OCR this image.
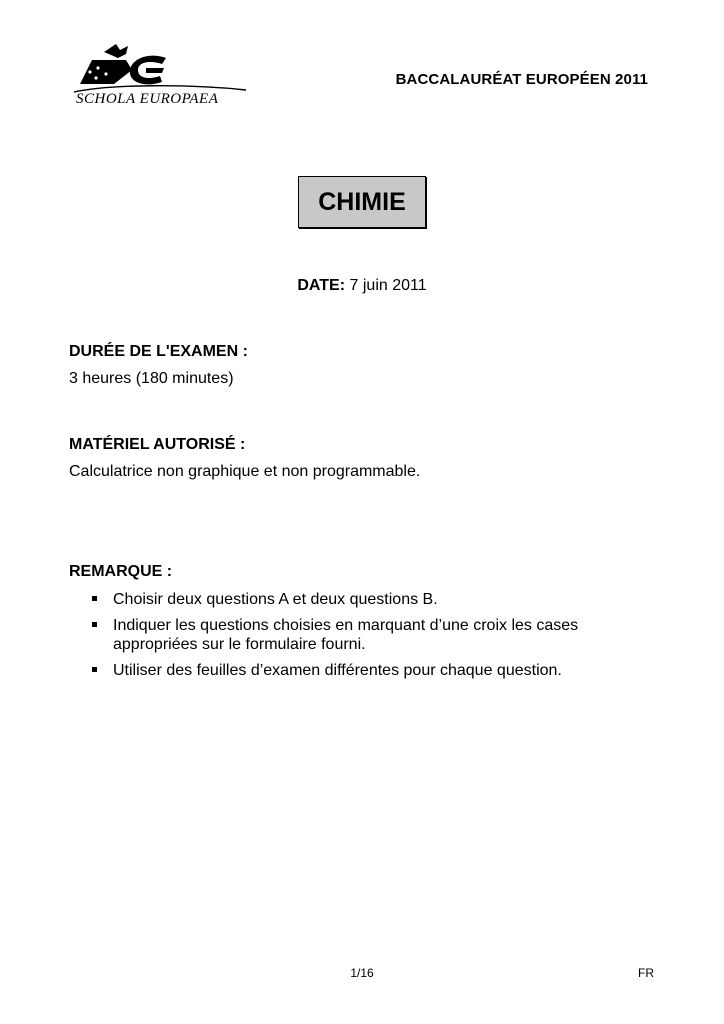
SCHOLA EUROPAEA
BACCALAURÉAT EUROPÉEN 2011
CHIMIE
DATE: 7 juin 2011
DURÉE DE L'EXAMEN :
3 heures (180 minutes)
MATÉRIEL AUTORISÉ :
Calculatrice non graphique et non programmable.
REMARQUE :
Choisir deux questions A et deux questions B.
Indiquer les questions choisies en marquant d’une croix les cases appropriées sur le formulaire fourni.
Utiliser des feuilles d’examen différentes pour chaque question.
1/16	FR
